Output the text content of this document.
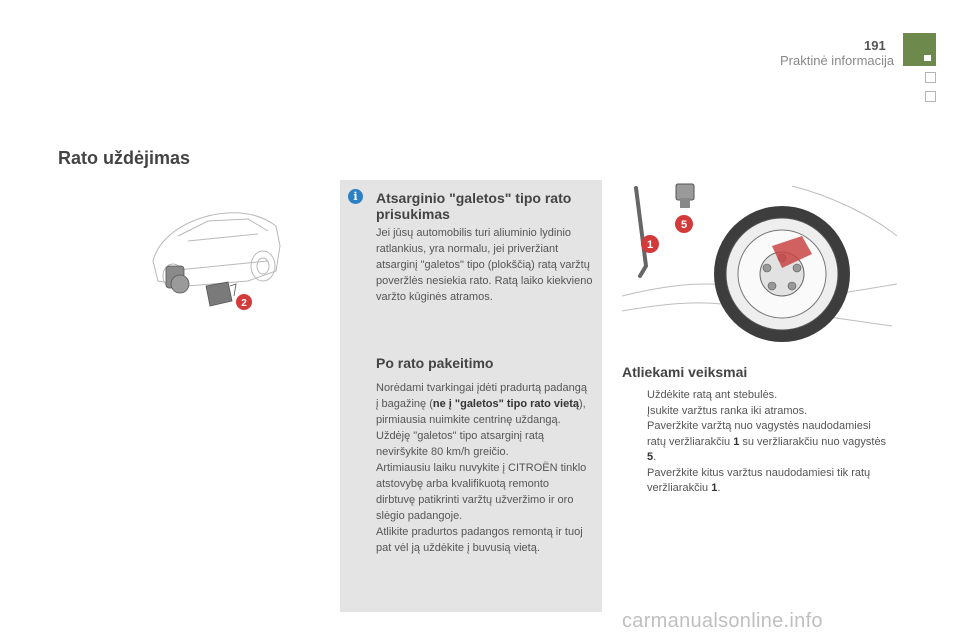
191
Praktinė informacija
Rato uždėjimas
2
1
5
i	Atsarginio "galetos" tipo rato prisukimas

Jei jūsų automobilis turi aliuminio lydinio ratlankius, yra normalu, jei priveržiant atsarginį "galetos" tipo (plokščią) ratą varžtų poveržlės nesiekia rato. Ratą laiko kiekvieno varžto kūginės atramos.

Po rato pakeitimo

Norėdami tvarkingai įdėti pradurtą padangą į bagažinę (ne į "galetos" tipo rato vietą), pirmiausia nuimkite centrinę uždangą.
Uždėję "galetos" tipo atsarginį ratą neviršykite 80 km/h greičio.
Artimiausiu laiku nuvykite į CITROËN tinklo atstovybę arba kvalifikuotą remonto dirbtuvę patikrinti varžtų užveržimo ir oro slėgio padangoje.
Atlikite pradurtos padangos remontą ir tuoj pat vėl ją uždėkite į buvusią vietą.

Atliekami veiksmai
Uždėkite ratą ant stebulės.
Įsukite varžtus ranka iki atramos.
Paveržkite varžtą nuo vagystės naudodamiesi ratų veržliarakčiu 1 su veržliarakčiu nuo vagystės 5.
Paveržkite kitus varžtus naudodamiesi tik ratų veržliarakčiu 1.
carmanualsonline.info
